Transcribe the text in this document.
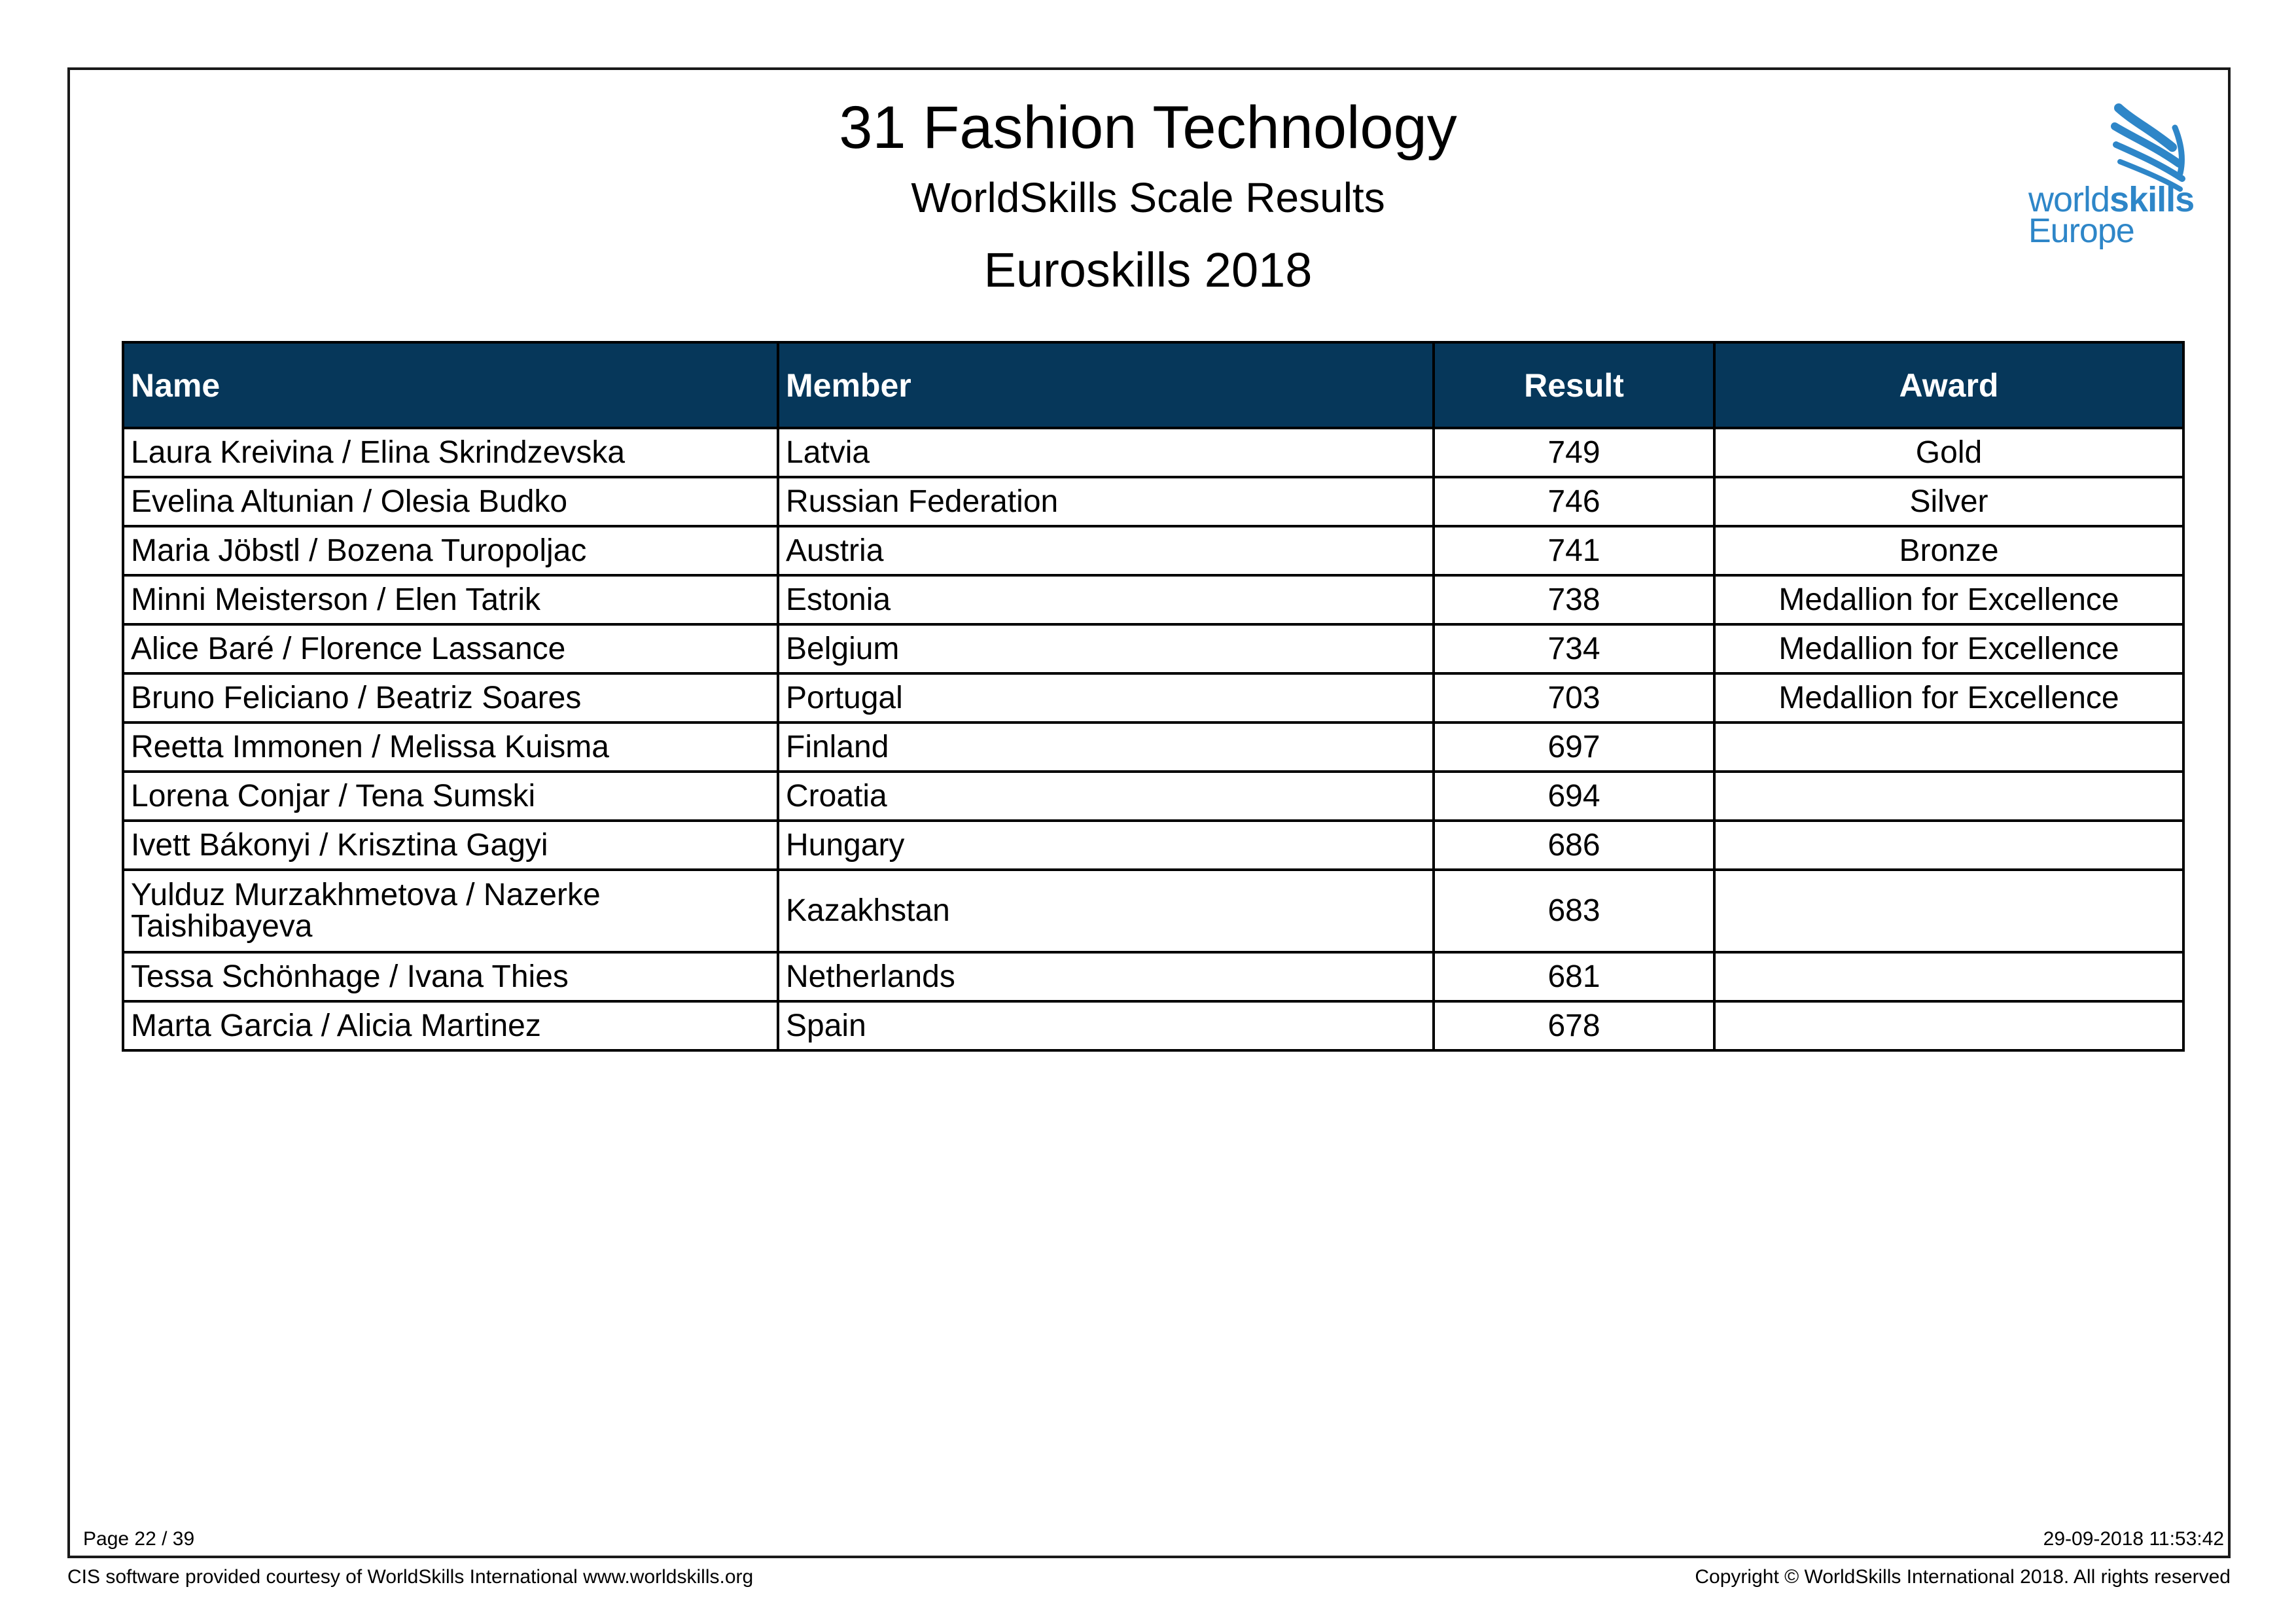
31 Fashion Technology
WorldSkills Scale Results
Euroskills 2018
worldskills
Europe
Name	Member	Result	Award
Laura Kreivina / Elina Skrindzevska	Latvia	749	Gold
Evelina Altunian / Olesia Budko	Russian Federation	746	Silver
Maria Jöbstl / Bozena Turopoljac	Austria	741	Bronze
Minni Meisterson / Elen Tatrik	Estonia	738	Medallion for Excellence
Alice Baré / Florence Lassance	Belgium	734	Medallion for Excellence
Bruno Feliciano / Beatriz Soares	Portugal	703	Medallion for Excellence
Reetta Immonen / Melissa Kuisma	Finland	697	
Lorena Conjar / Tena Sumski	Croatia	694	
Ivett Bákonyi / Krisztina Gagyi	Hungary	686	
Yulduz Murzakhmetova / Nazerke Taishibayeva	Kazakhstan	683	
Tessa Schönhage / Ivana Thies	Netherlands	681	
Marta Garcia / Alicia Martinez	Spain	678	
Page 22 / 39	29-09-2018 11:53:42
CIS software provided courtesy of WorldSkills International www.worldskills.org	Copyright © WorldSkills International 2018. All rights reserved
